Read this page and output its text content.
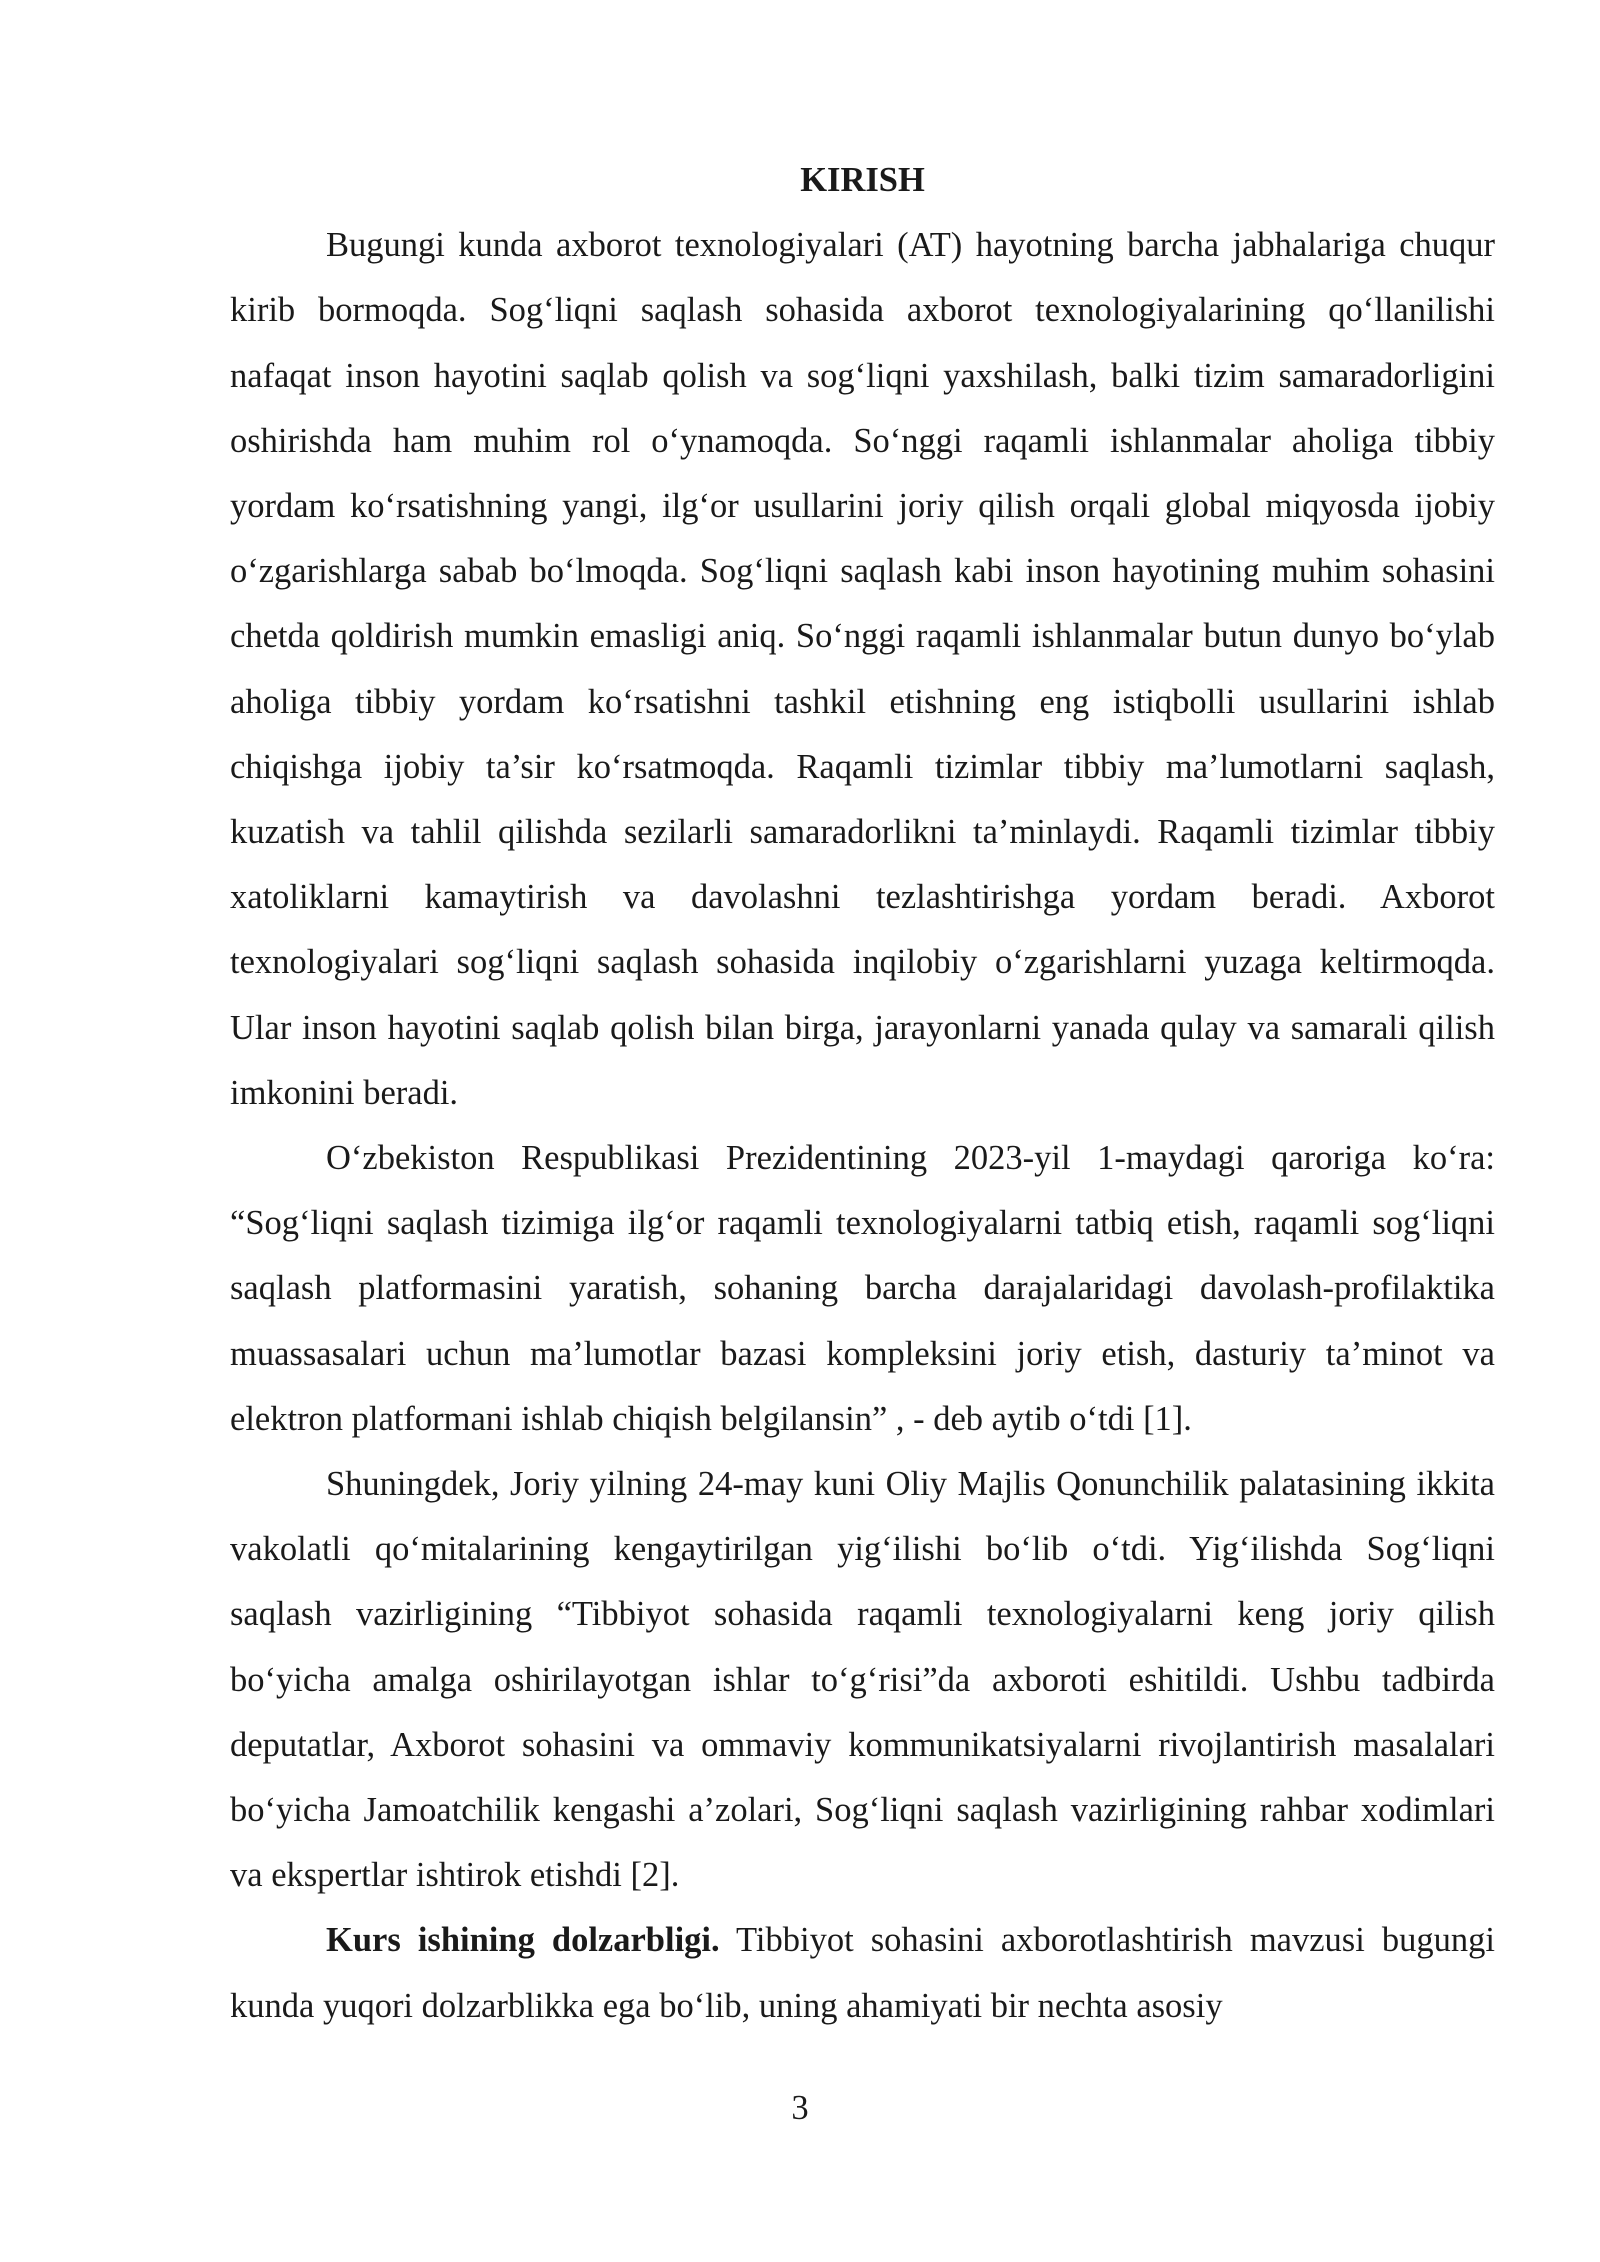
KIRISH

Bugungi kunda axborot texnologiyalari (AT) hayotning barcha jabhalariga chuqur kirib bormoqda. Sog‘liqni saqlash sohasida axborot texnologiyalarining qo‘llanilishi nafaqat inson hayotini saqlab qolish va sog‘liqni yaxshilash, balki tizim samaradorligini oshirishda ham muhim rol o‘ynamoqda. So‘nggi raqamli ishlanmalar aholiga tibbiy yordam ko‘rsatishning yangi, ilg‘or usullarini joriy qilish orqali global miqyosda ijobiy o‘zgarishlarga sabab bo‘lmoqda. Sog‘liqni saqlash kabi inson hayotining muhim sohasini chetda qoldirish mumkin emasligi aniq. So‘nggi raqamli ishlanmalar butun dunyo bo‘ylab aholiga tibbiy yordam ko‘rsatishni tashkil etishning eng istiqbolli usullarini ishlab chiqishga ijobiy ta’sir ko‘rsatmoqda. Raqamli tizimlar tibbiy ma’lumotlarni saqlash, kuzatish va tahlil qilishda sezilarli samaradorlikni ta’minlaydi. Raqamli tizimlar tibbiy xatoliklarni kamaytirish va davolashni tezlashtirishga yordam beradi. Axborot texnologiyalari sog‘liqni saqlash sohasida inqilobiy o‘zgarishlarni yuzaga keltirmoqda. Ular inson hayotini saqlab qolish bilan birga, jarayonlarni yanada qulay va samarali qilish imkonini beradi.

O‘zbekiston Respublikasi Prezidentining 2023-yil 1-maydagi qaroriga ko‘ra: “Sog‘liqni saqlash tizimiga ilg‘or raqamli texnologiyalarni tatbiq etish, raqamli sog‘liqni saqlash platformasini yaratish, sohaning barcha darajalaridagi davolash-profilaktika muassasalari uchun ma’lumotlar bazasi kompleksini joriy etish, dasturiy ta’minot va elektron platformani ishlab chiqish belgilansin” , - deb aytib o‘tdi [1].

Shuningdek, Joriy yilning 24-may kuni Oliy Majlis Qonunchilik palatasining ikkita vakolatli qo‘mitalarining kengaytirilgan yig‘ilishi bo‘lib o‘tdi. Yig‘ilishda Sog‘liqni saqlash vazirligining “Tibbiyot sohasida raqamli texnologiyalarni keng joriy qilish bo‘yicha amalga oshirilayotgan ishlar to‘g‘risi”da axboroti eshitildi. Ushbu tadbirda deputatlar, Axborot sohasini va ommaviy kommunikatsiyalarni rivojlantirish masalalari bo‘yicha Jamoatchilik kengashi a’zolari, Sog‘liqni saqlash vazirligining rahbar xodimlari va ekspertlar ishtirok etishdi [2].

Kurs ishining dolzarbligi. Tibbiyot sohasini axborotlashtirish mavzusi bugungi kunda yuqori dolzarblikka ega bo‘lib, uning ahamiyati bir nechta asosiy

3
